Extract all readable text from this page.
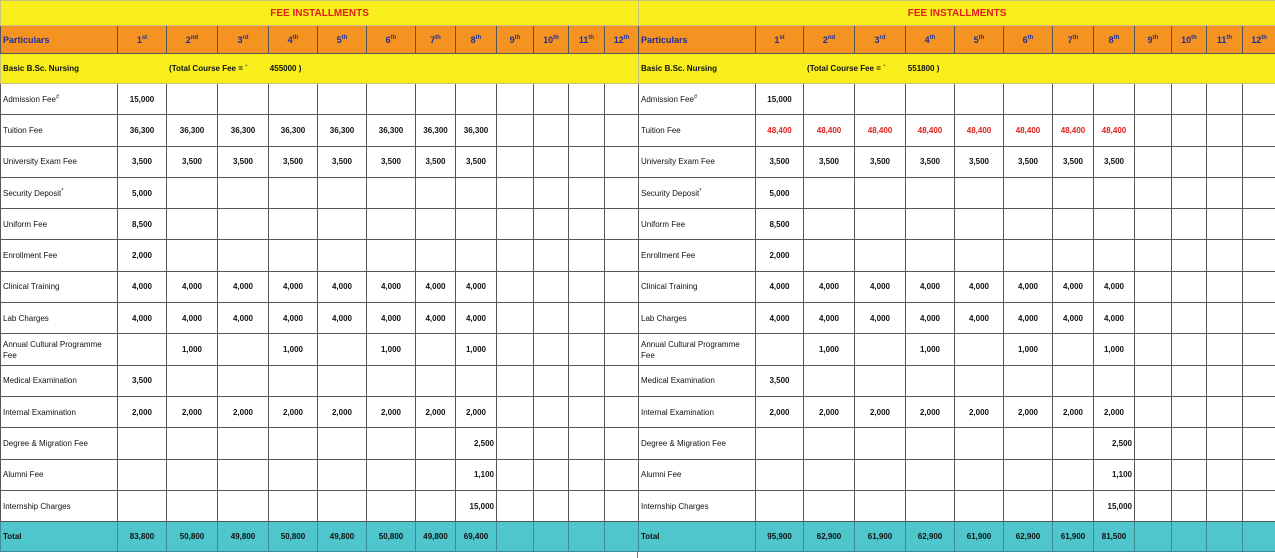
FEE INSTALLMENTS												
Particulars	1st	2nd	3rd	4th	5th	6th	7th	8th	9th	10th	11th	12th
Basic B.Sc. Nursing (Total Course Fee = ` 455000 )												
Admission Fee#	15,000											
Tuition Fee	36,300	36,300	36,300	36,300	36,300	36,300	36,300	36,300				
University Exam Fee	3,500	3,500	3,500	3,500	3,500	3,500	3,500	3,500				
Security Deposit*	5,000											
Uniform Fee	8,500											
Enrollment Fee	2,000											
Clinical Training	4,000	4,000	4,000	4,000	4,000	4,000	4,000	4,000				
Lab Charges	4,000	4,000	4,000	4,000	4,000	4,000	4,000	4,000				
Annual Cultural Programme Fee		1,000		1,000		1,000		1,000				
Medical Examination	3,500											
Internal Examination	2,000	2,000	2,000	2,000	2,000	2,000	2,000	2,000				
Degree & Migration Fee								2,500				
Alumni Fee								1,100				
Internship Charges								15,000				
Total	83,800	50,800	49,800	50,800	49,800	50,800	49,800	69,400				
FEE INSTALLMENTS												
Particulars	1st	2nd	3rd	4th	5th	6th	7th	8th	9th	10th	11th	12th
Basic B.Sc. Nursing (Total Course Fee = ` 551800 )												
Admission Fee#	15,000											
Tuition Fee	48,400	48,400	48,400	48,400	48,400	48,400	48,400	48,400				
University Exam Fee	3,500	3,500	3,500	3,500	3,500	3,500	3,500	3,500				
Security Deposit*	5,000											
Uniform Fee	8,500											
Enrollment Fee	2,000											
Clinical Training	4,000	4,000	4,000	4,000	4,000	4,000	4,000	4,000				
Lab Charges	4,000	4,000	4,000	4,000	4,000	4,000	4,000	4,000				
Annual Cultural Programme Fee		1,000		1,000		1,000		1,000				
Medical Examination	3,500											
Internal Examination	2,000	2,000	2,000	2,000	2,000	2,000	2,000	2,000				
Degree & Migration Fee								2,500				
Alumni Fee								1,100				
Internship Charges								15,000				
Total	95,900	62,900	61,900	62,900	61,900	62,900	61,900	81,500				
